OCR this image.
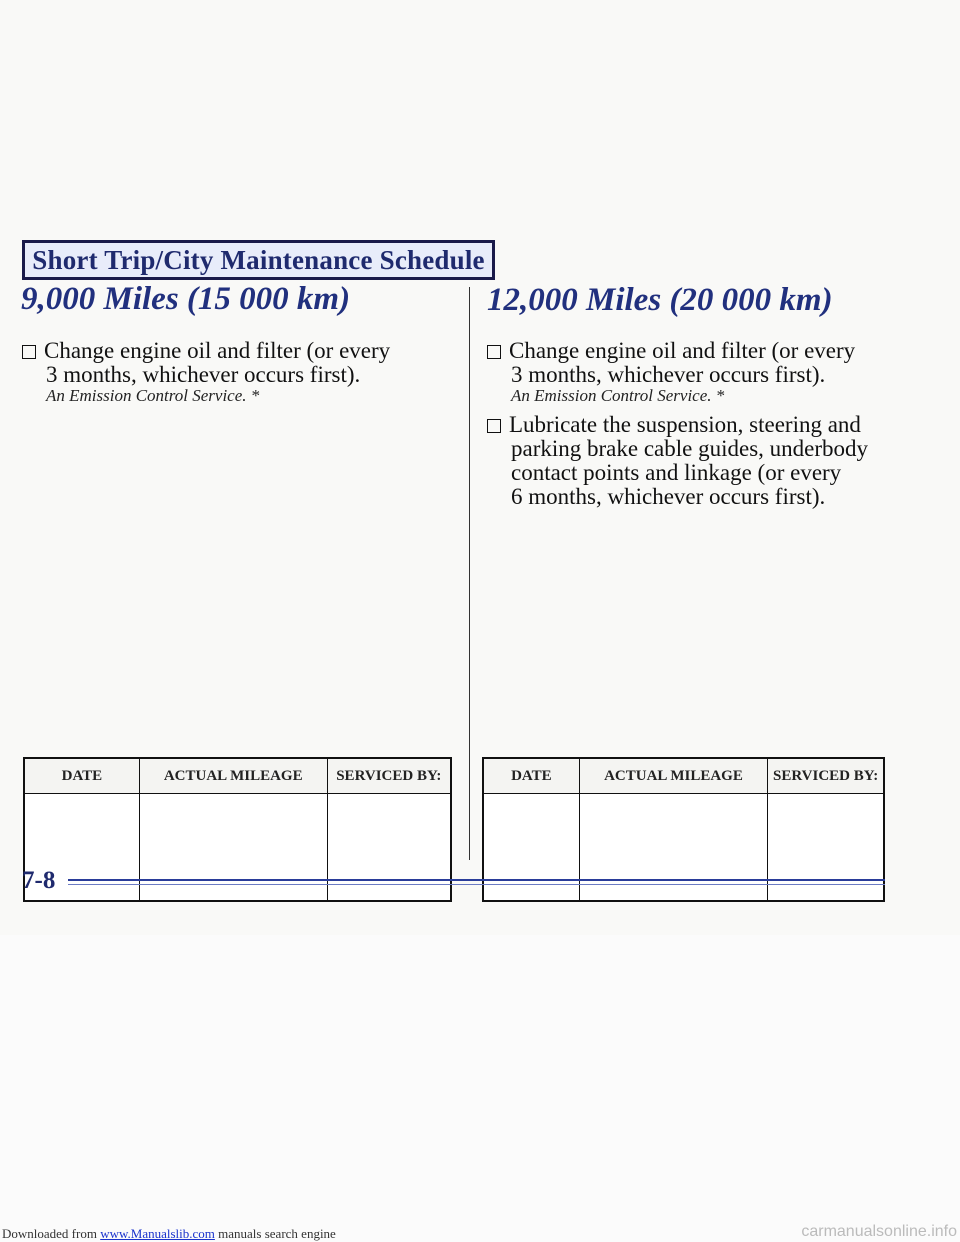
Short Trip/City Maintenance Schedule
9,000 Miles (15 000 km)	12,000 Miles (20 000 km)
Change engine oil and filter (or every
3 months, whichever occurs first).
An Emission Control Service. *
Change engine oil and filter (or every
3 months, whichever occurs first).
An Emission Control Service. *
Lubricate the suspension, steering and
parking brake cable guides, underbody
contact points and linkage (or every
6 months, whichever occurs first).
DATE	ACTUAL MILEAGE	SERVICED BY:
			DATE	ACTUAL MILEAGE	SERVICED BY:

7-8
Downloaded from www.Manualslib.com manuals search engine	carmanualsonline.info
